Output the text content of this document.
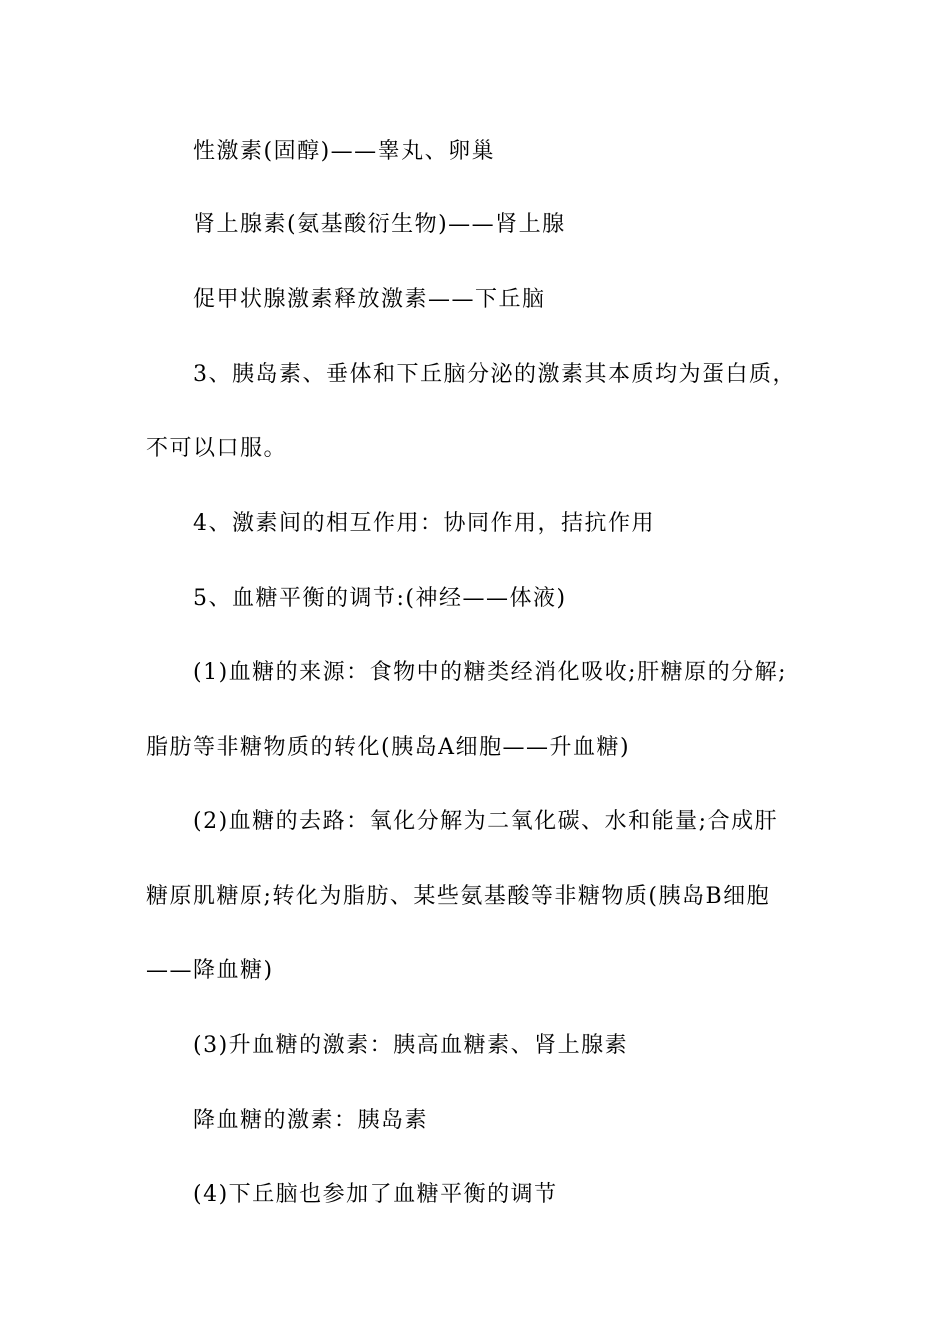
性激素(固醇)——睾丸、卵巢
肾上腺素(氨基酸衍生物)——肾上腺
促甲状腺激素释放激素——下丘脑
3、胰岛素、垂体和下丘脑分泌的激素其本质均为蛋白质，
不可以口服。
4、激素间的相互作用：协同作用，拮抗作用
5、血糖平衡的调节:(神经——体液)
(1)血糖的来源：食物中的糖类经消化吸收;肝糖原的分解;
脂肪等非糖物质的转化(胰岛A细胞——升血糖)
(2)血糖的去路：氧化分解为二氧化碳、水和能量;合成肝
糖原肌糖原;转化为脂肪、某些氨基酸等非糖物质(胰岛B细胞
——降血糖)
(3)升血糖的激素：胰高血糖素、肾上腺素
降血糖的激素：胰岛素
(4)下丘脑也参加了血糖平衡的调节
